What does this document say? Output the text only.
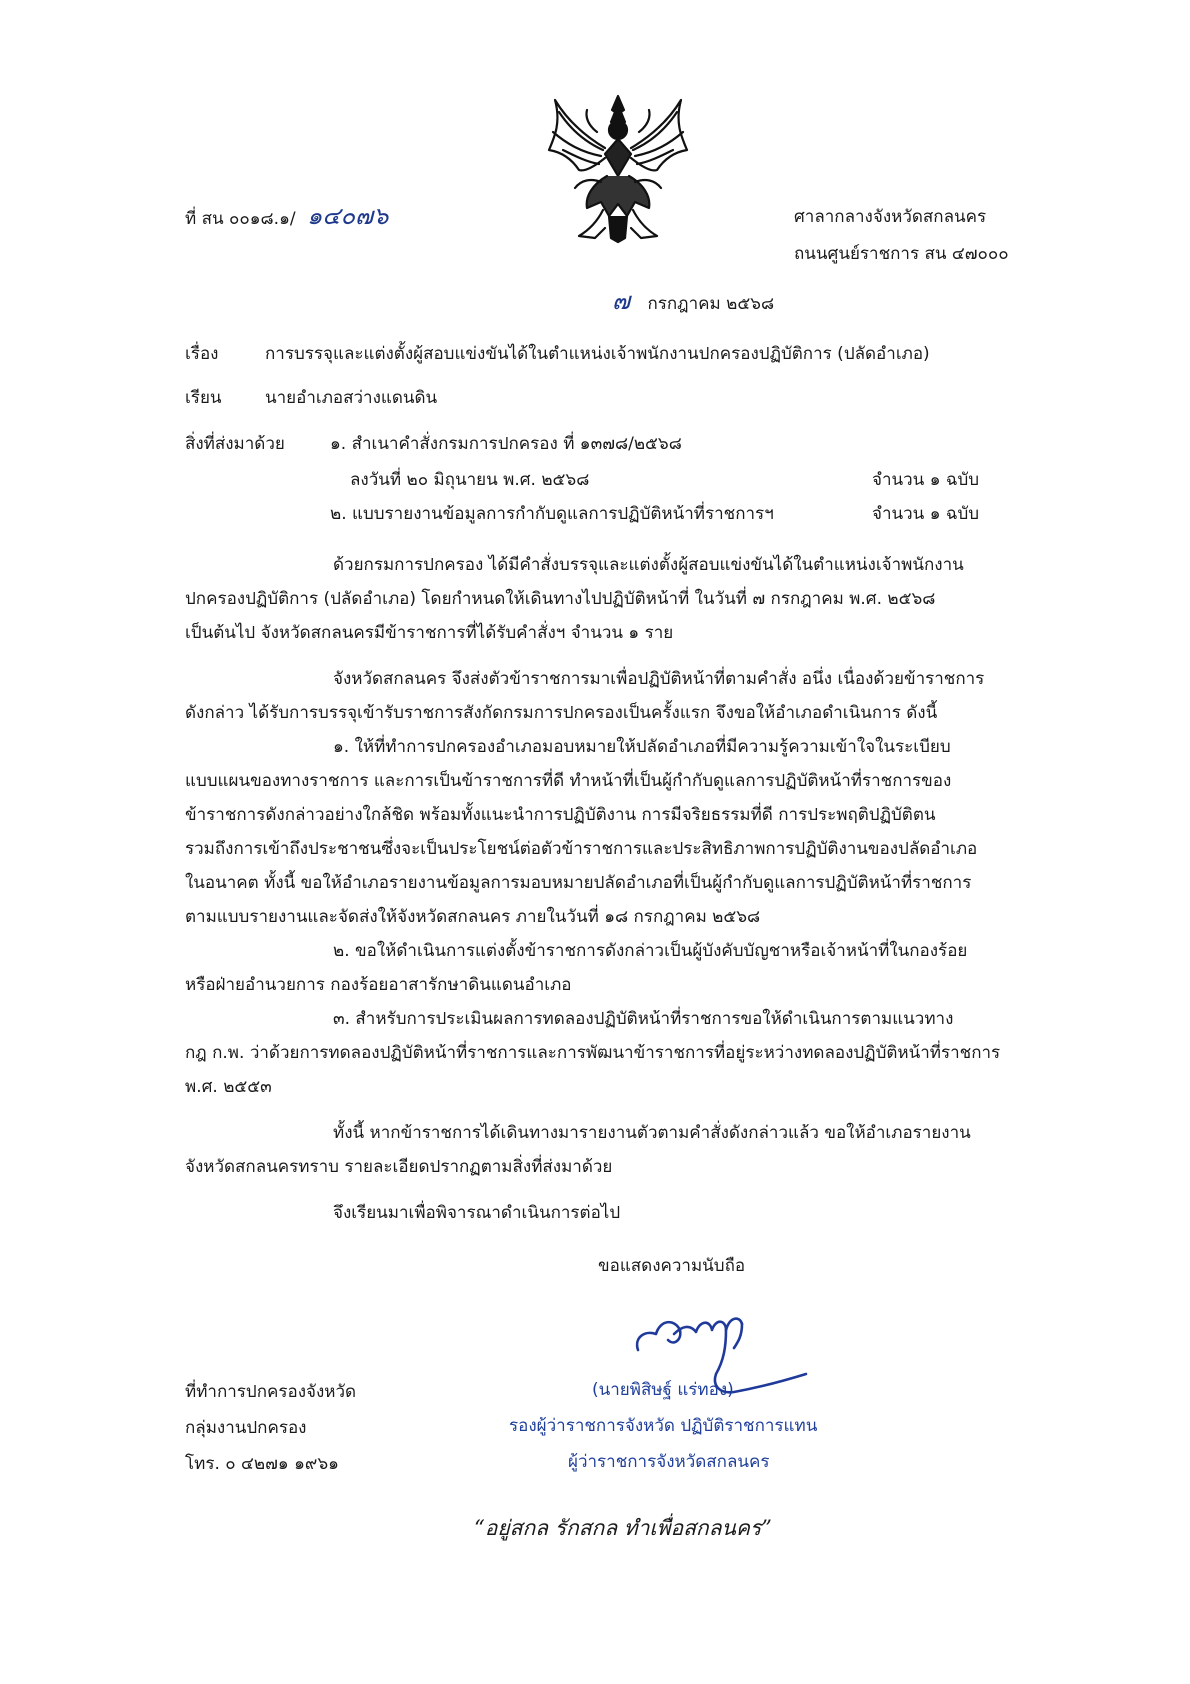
ที่ สน ๐๐๑๘.๑/ ๑๔๐๗๖	ศาลากลางจังหวัดสกลนคร
ถนนศูนย์ราชการ สน ๔๗๐๐๐
๗ กรกฎาคม ๒๕๖๘
เรื่อง	การบรรจุและแต่งตั้งผู้สอบแข่งขันได้ในตำแหน่งเจ้าพนักงานปกครองปฏิบัติการ (ปลัดอำเภอ)
เรียน	นายอำเภอสว่างแดนดิน
สิ่งที่ส่งมาด้วย	๑. สำเนาคำสั่งกรมการปกครอง ที่ ๑๓๗๘/๒๕๖๘
ลงวันที่ ๒๐ มิถุนายน พ.ศ. ๒๕๖๘	จำนวน ๑ ฉบับ
๒. แบบรายงานข้อมูลการกำกับดูแลการปฏิบัติหน้าที่ราชการฯ	จำนวน ๑ ฉบับ
ด้วยกรมการปกครอง ได้มีคำสั่งบรรจุและแต่งตั้งผู้สอบแข่งขันได้ในตำแหน่งเจ้าพนักงาน
ปกครองปฏิบัติการ (ปลัดอำเภอ) โดยกำหนดให้เดินทางไปปฏิบัติหน้าที่ ในวันที่ ๗ กรกฎาคม พ.ศ. ๒๕๖๘
เป็นต้นไป จังหวัดสกลนครมีข้าราชการที่ได้รับคำสั่งฯ จำนวน ๑ ราย
จังหวัดสกลนคร จึงส่งตัวข้าราชการมาเพื่อปฏิบัติหน้าที่ตามคำสั่ง อนึ่ง เนื่องด้วยข้าราชการ
ดังกล่าว ได้รับการบรรจุเข้ารับราชการสังกัดกรมการปกครองเป็นครั้งแรก จึงขอให้อำเภอดำเนินการ ดังนี้
๑. ให้ที่ทำการปกครองอำเภอมอบหมายให้ปลัดอำเภอที่มีความรู้ความเข้าใจในระเบียบ
แบบแผนของทางราชการ และการเป็นข้าราชการที่ดี ทำหน้าที่เป็นผู้กำกับดูแลการปฏิบัติหน้าที่ราชการของ
ข้าราชการดังกล่าวอย่างใกล้ชิด พร้อมทั้งแนะนำการปฏิบัติงาน การมีจริยธรรมที่ดี การประพฤติปฏิบัติตน
รวมถึงการเข้าถึงประชาชนซึ่งจะเป็นประโยชน์ต่อตัวข้าราชการและประสิทธิภาพการปฏิบัติงานของปลัดอำเภอ
ในอนาคต ทั้งนี้ ขอให้อำเภอรายงานข้อมูลการมอบหมายปลัดอำเภอที่เป็นผู้กำกับดูแลการปฏิบัติหน้าที่ราชการ
ตามแบบรายงานและจัดส่งให้จังหวัดสกลนคร ภายในวันที่ ๑๘ กรกฎาคม ๒๕๖๘
๒. ขอให้ดำเนินการแต่งตั้งข้าราชการดังกล่าวเป็นผู้บังคับบัญชาหรือเจ้าหน้าที่ในกองร้อย
หรือฝ่ายอำนวยการ กองร้อยอาสารักษาดินแดนอำเภอ
๓. สำหรับการประเมินผลการทดลองปฏิบัติหน้าที่ราชการขอให้ดำเนินการตามแนวทาง
กฎ ก.พ. ว่าด้วยการทดลองปฏิบัติหน้าที่ราชการและการพัฒนาข้าราชการที่อยู่ระหว่างทดลองปฏิบัติหน้าที่ราชการ
พ.ศ. ๒๕๕๓
ทั้งนี้ หากข้าราชการได้เดินทางมารายงานตัวตามคำสั่งดังกล่าวแล้ว ขอให้อำเภอรายงาน
จังหวัดสกลนครทราบ รายละเอียดปรากฏตามสิ่งที่ส่งมาด้วย
จึงเรียนมาเพื่อพิจารณาดำเนินการต่อไป
ขอแสดงความนับถือ
(นายพิสิษฐ์ แร่ทอง)
รองผู้ว่าราชการจังหวัด ปฏิบัติราชการแทน
ผู้ว่าราชการจังหวัดสกลนคร
ที่ทำการปกครองจังหวัด
กลุ่มงานปกครอง
โทร. ๐ ๔๒๗๑ ๑๙๖๑
“อยู่สกล รักสกล ทำเพื่อสกลนคร”
